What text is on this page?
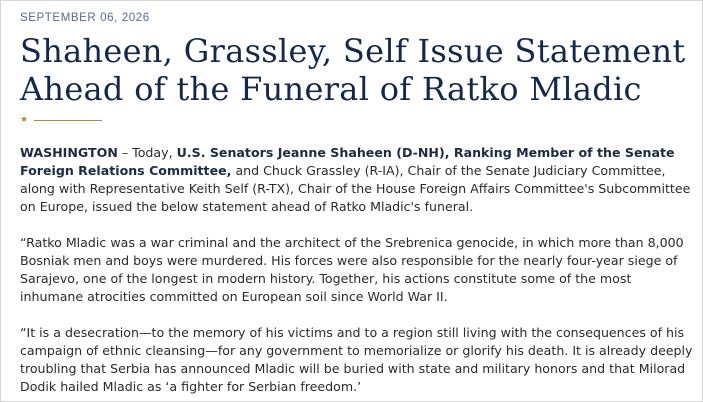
SEPTEMBER 06, 2026
Shaheen, Grassley, Self Issue Statement
Ahead of the Funeral of Ratko Mladic
★

WASHINGTON – Today, U.S. Senators Jeanne Shaheen (D-NH), Ranking Member of the Senate Foreign Relations Committee, and Chuck Grassley (R-IA), Chair of the Senate Judiciary Committee, along with Representative Keith Self (R-TX), Chair of the House Foreign Affairs Committee's Subcommittee on Europe, issued the below statement ahead of Ratko Mladic's funeral.

“Ratko Mladic was a war criminal and the architect of the Srebrenica genocide, in which more than 8,000 Bosniak men and boys were murdered. His forces were also responsible for the nearly four-year siege of Sarajevo, one of the longest in modern history. Together, his actions constitute some of the most inhumane atrocities committed on European soil since World War II.

“It is a desecration—to the memory of his victims and to a region still living with the consequences of his campaign of ethnic cleansing—for any government to memorialize or glorify his death. It is already deeply troubling that Serbia has announced Mladic will be buried with state and military honors and that Milorad Dodik hailed Mladic as ‘a fighter for Serbian freedom.’
